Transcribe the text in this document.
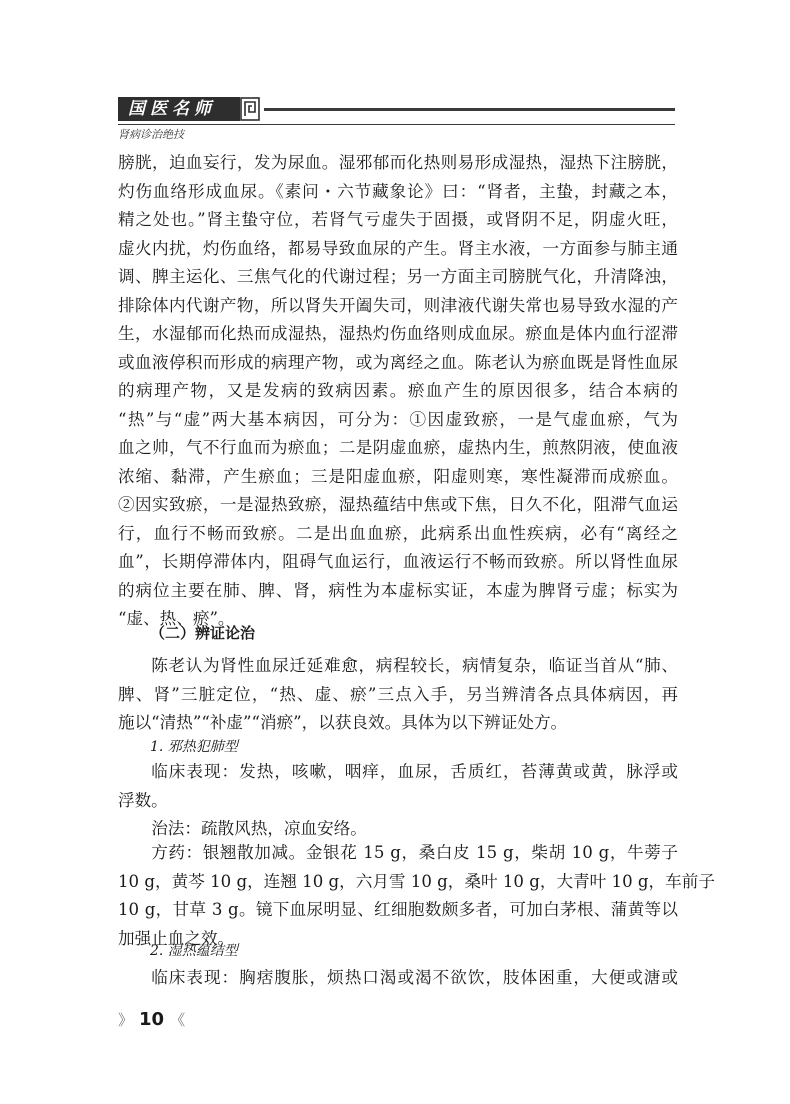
国医名师
肾病诊治绝技

膀胱，迫血妄行，发为尿血。湿邪郁而化热则易形成湿热，湿热下注膀胱，
灼伤血络形成血尿。《素问・六节藏象论》曰：“肾者，主蛰，封藏之本，
精之处也。”肾主蛰守位，若肾气亏虚失于固摄，或肾阴不足，阴虚火旺，
虚火内扰，灼伤血络，都易导致血尿的产生。肾主水液，一方面参与肺主通
调、脾主运化、三焦气化的代谢过程；另一方面主司膀胱气化，升清降浊，
排除体内代谢产物，所以肾失开阖失司，则津液代谢失常也易导致水湿的产
生，水湿郁而化热而成湿热，湿热灼伤血络则成血尿。瘀血是体内血行涩滞
或血液停积而形成的病理产物，或为离经之血。陈老认为瘀血既是肾性血尿
的病理产物，又是发病的致病因素。瘀血产生的原因很多，结合本病的
“热”与“虚”两大基本病因，可分为：①因虚致瘀，一是气虚血瘀，气为
血之帅，气不行血而为瘀血；二是阴虚血瘀，虚热内生，煎熬阴液，使血液
浓缩、黏滞，产生瘀血；三是阳虚血瘀，阳虚则寒，寒性凝滞而成瘀血。
②因实致瘀，一是湿热致瘀，湿热蕴结中焦或下焦，日久不化，阻滞气血运
行，血行不畅而致瘀。二是出血血瘀，此病系出血性疾病，必有“离经之
血”，长期停滞体内，阻碍气血运行，血液运行不畅而致瘀。所以肾性血尿
的病位主要在肺、脾、肾，病性为本虚标实证，本虚为脾肾亏虚；标实为
“虚、热、瘀”。

（二）辨证论治

陈老认为肾性血尿迁延难愈，病程较长，病情复杂，临证当首从“肺、
脾、肾”三脏定位，“热、虚、瘀”三点入手，另当辨清各点具体病因，再
施以“清热”“补虚”“消瘀”，以获良效。具体为以下辨证处方。

1. 邪热犯肺型

临床表现：发热，咳嗽，咽痒，血尿，舌质红，苔薄黄或黄，脉浮或
浮数。

治法：疏散风热，凉血安络。

方药：银翘散加减。金银花 15 g，桑白皮 15 g，柴胡 10 g，牛蒡子
10 g，黄芩 10 g，连翘 10 g，六月雪 10 g，桑叶 10 g，大青叶 10 g，车前子
10 g，甘草 3 g。镜下血尿明显、红细胞数颇多者，可加白茅根、蒲黄等以
加强止血之效。

2. 湿热蕴结型

临床表现：胸痞腹胀，烦热口渴或渴不欲饮，肢体困重，大便或溏或

》 10 《
